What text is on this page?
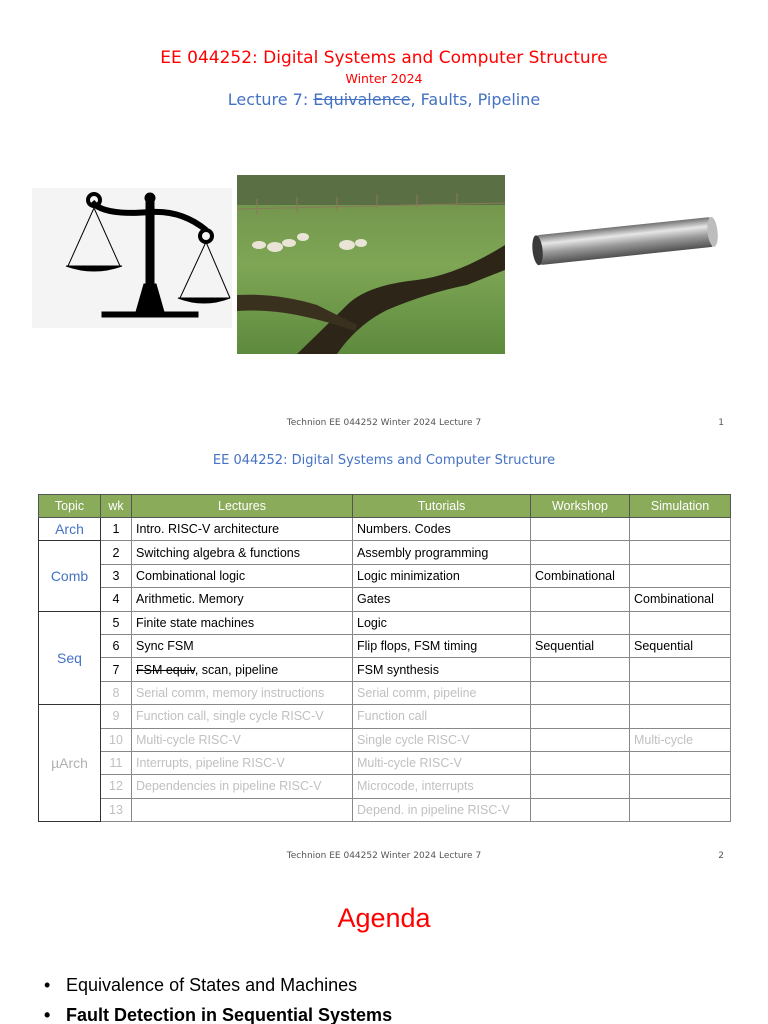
EE 044252: Digital Systems and Computer Structure
Winter 2024
Lecture 7: Equivalence, Faults, Pipeline
Technion EE 044252 Winter 2024 Lecture 7	1
EE 044252: Digital Systems and Computer Structure
Topic	wk	Lectures	Tutorials	Workshop	Simulation
Arch	1	Intro. RISC-V architecture	Numbers. Codes		
Comb	2	Switching algebra & functions	Assembly programming		
	3	Combinational logic	Logic minimization	Combinational	
	4	Arithmetic. Memory	Gates		Combinational
Seq	5	Finite state machines	Logic		
	6	Sync FSM	Flip flops, FSM timing	Sequential	Sequential
	7	FSM equiv, scan, pipeline	FSM synthesis		
	8	Serial comm, memory instructions	Serial comm, pipeline		
µArch	9	Function call, single cycle RISC-V	Function call		
	10	Multi-cycle RISC-V	Single cycle RISC-V		Multi-cycle
	11	Interrupts, pipeline RISC-V	Multi-cycle RISC-V		
	12	Dependencies in pipeline RISC-V	Microcode, interrupts		
	13		Depend. in pipeline RISC-V		
Technion EE 044252 Winter 2024 Lecture 7	2
Agenda
• Equivalence of States and Machines
• Fault Detection in Sequential Systems
